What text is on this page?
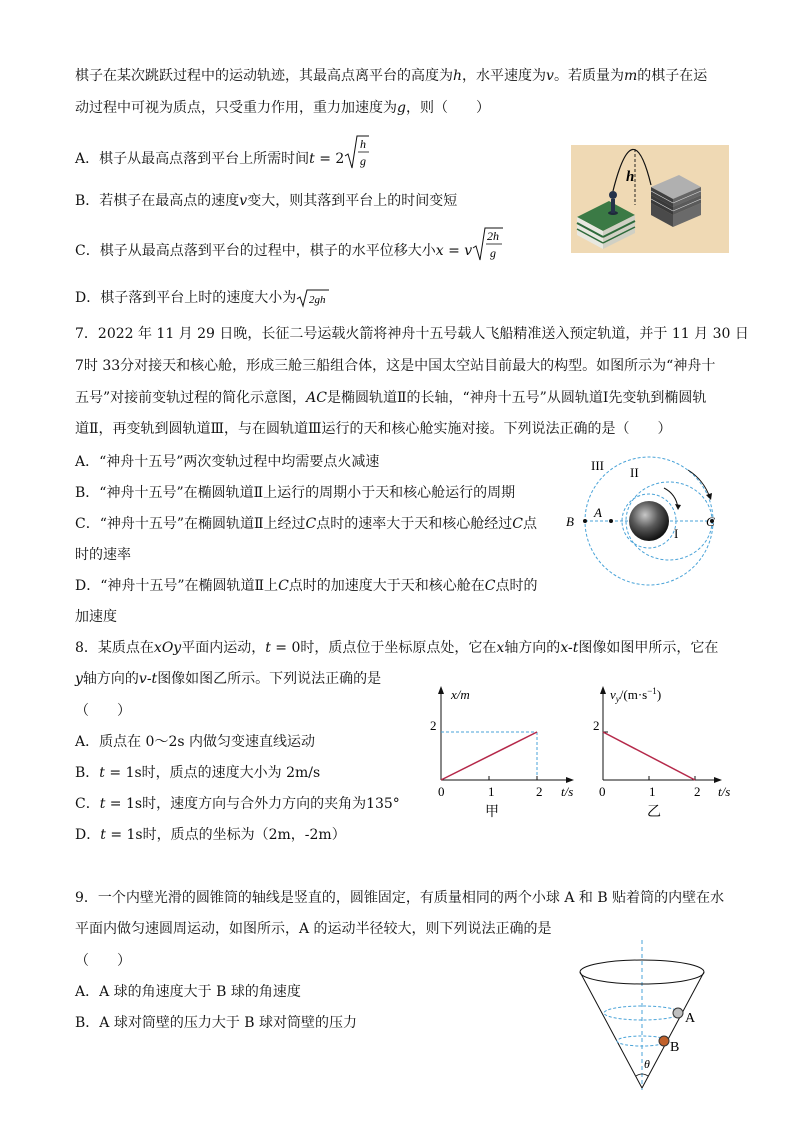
棋子在某次跳跃过程中的运动轨迹，其最高点离平台的高度为h，水平速度为v。若质量为m的棋子在运
动过程中可视为质点，只受重力作用，重力加速度为g，则（　　）
A．棋子从最高点落到平台上所需时间t = 2
h
g
B．若棋子在最高点的速度v变大，则其落到平台上的时间变短
C．棋子从最高点落到平台的过程中，棋子的水平位移大小x = v
2h
g
D．棋子落到平台上时的速度大小为 2gh
h
7．2022 年 11 月 29 日晚，长征二号运载火箭将神舟十五号载人飞船精准送入预定轨道，并于 11 月 30 日
7时 33分对接天和核心舱，形成三舱三船组合体，这是中国太空站目前最大的构型。如图所示为“神舟十
五号”对接前变轨过程的简化示意图，AC是椭圆轨道Ⅱ的长轴，“神舟十五号”从圆轨道Ⅰ先变轨到椭圆轨
道Ⅱ，再变轨到圆轨道Ⅲ，与在圆轨道Ⅲ运行的天和核心舱实施对接。下列说法正确的是（　　）
A．“神舟十五号”两次变轨过程中均需要点火减速
B．“神舟十五号”在椭圆轨道Ⅱ上运行的周期小于天和核心舱运行的周期
C．“神舟十五号”在椭圆轨道Ⅱ上经过C点时的速率大于天和核心舱经过C点
时的速率
D．“神舟十五号”在椭圆轨道Ⅱ上C点时的加速度大于天和核心舱在C点时的
加速度
III II
I
A
B	C
8．某质点在xOy平面内运动，t = 0时，质点位于坐标原点处，它在x轴方向的x-t图像如图甲所示，它在
y轴方向的v-t图像如图乙所示。下列说法正确的是
（　　）
A．质点在 0～2s 内做匀变速直线运动
B．t = 1s时，质点的速度大小为 2m/s
C．t = 1s时，速度方向与合外力方向的夹角为135°
D．t = 1s时，质点的坐标为（2m，-2m）
x/m
t/s
2
0	1	2
甲
$v_y/(m\cdot s^{-1})$
t/s
2
0	1	2
乙
9．一个内壁光滑的圆锥筒的轴线是竖直的，圆锥固定，有质量相同的两个小球 A 和 B 贴着筒的内壁在水
平面内做匀速圆周运动，如图所示，A 的运动半径较大，则下列说法正确的是
（　　）
A．A 球的角速度大于 B 球的角速度
B．A 球对筒壁的压力大于 B 球对筒壁的压力	A
B
θ
